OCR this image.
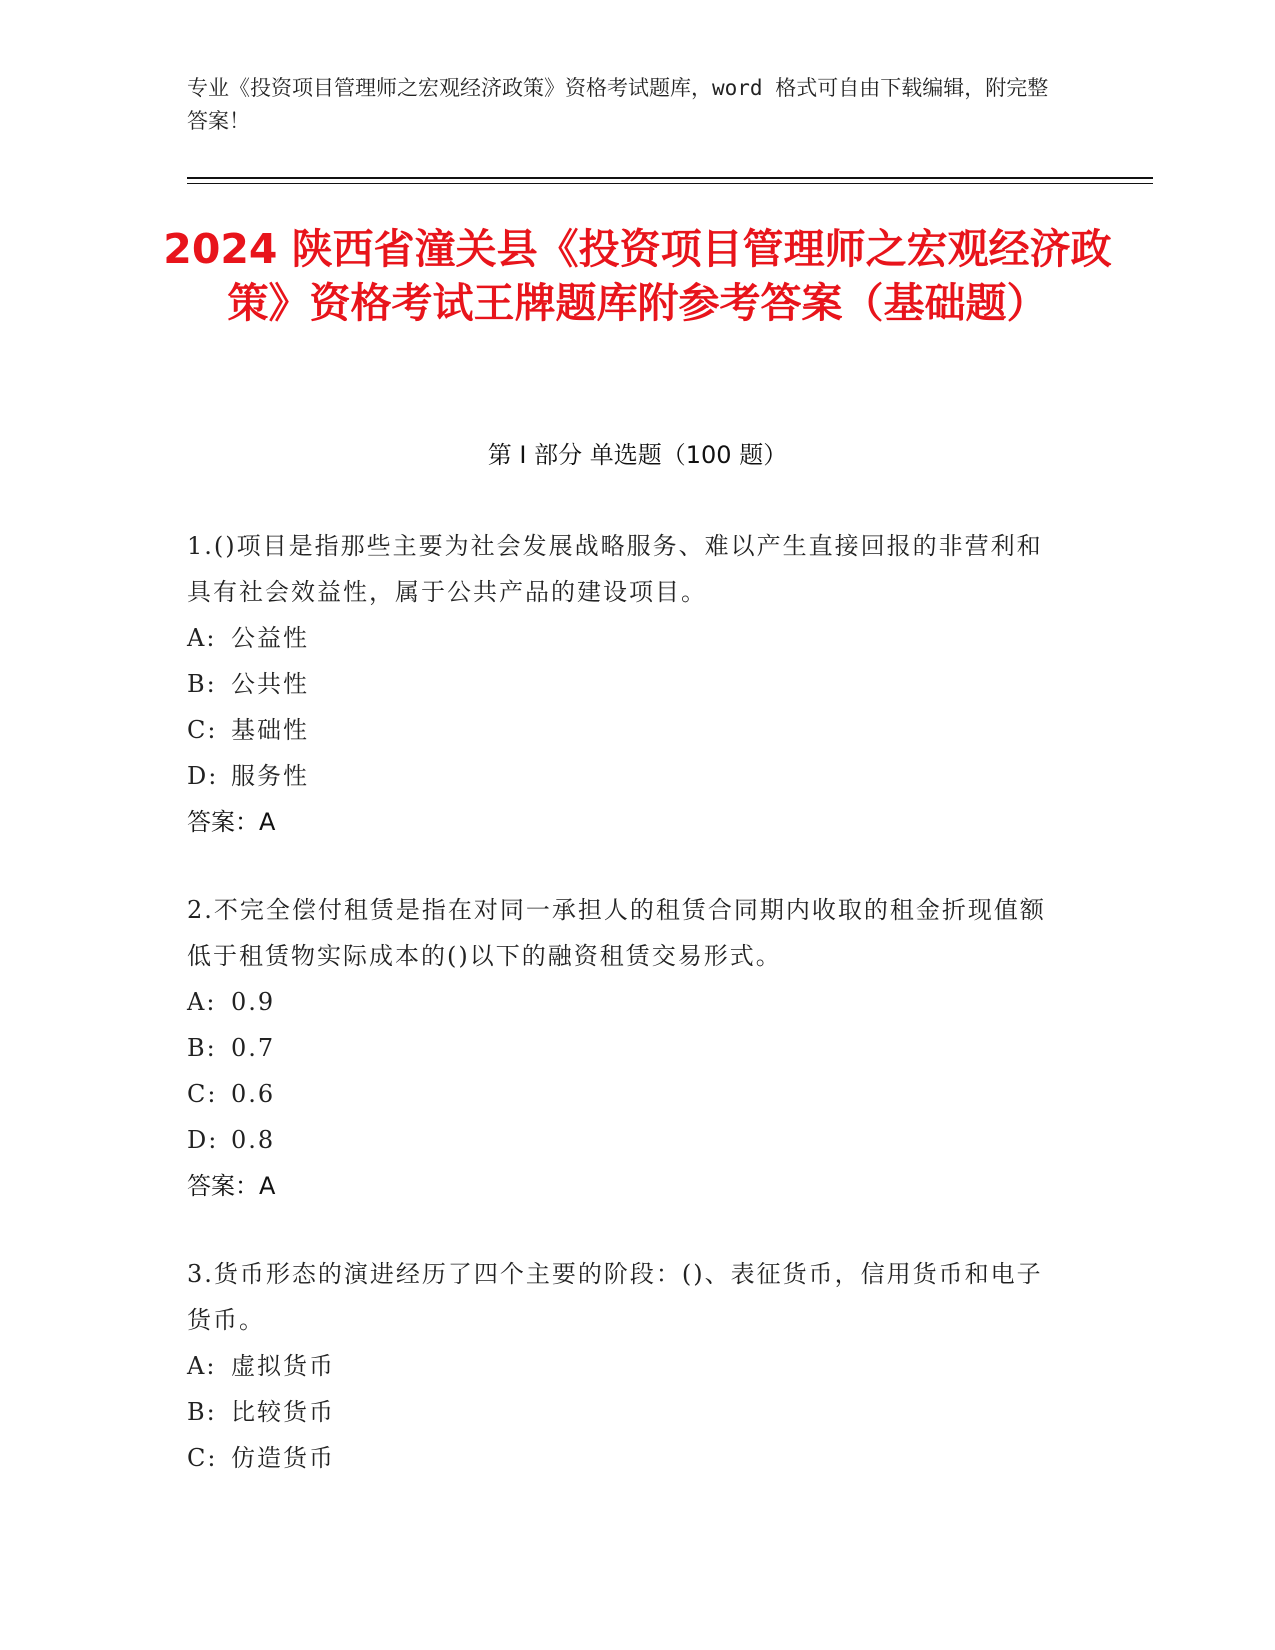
专业《投资项目管理师之宏观经济政策》资格考试题库，word 格式可自由下载编辑，附完整答案！
2024 陕西省潼关县《投资项目管理师之宏观经济政策》资格考试王牌题库附参考答案（基础题）
第 I 部分 单选题（100 题）
1.()项目是指那些主要为社会发展战略服务、难以产生直接回报的非营利和具有社会效益性，属于公共产品的建设项目。
A: 公益性
B: 公共性
C: 基础性
D: 服务性
答案：A
2.不完全偿付租赁是指在对同一承担人的租赁合同期内收取的租金折现值额低于租赁物实际成本的()以下的融资租赁交易形式。
A: 0.9
B: 0.7
C: 0.6
D: 0.8
答案：A
3.货币形态的演进经历了四个主要的阶段：()、表征货币，信用货币和电子货币。
A: 虚拟货币
B: 比较货币
C: 仿造货币
